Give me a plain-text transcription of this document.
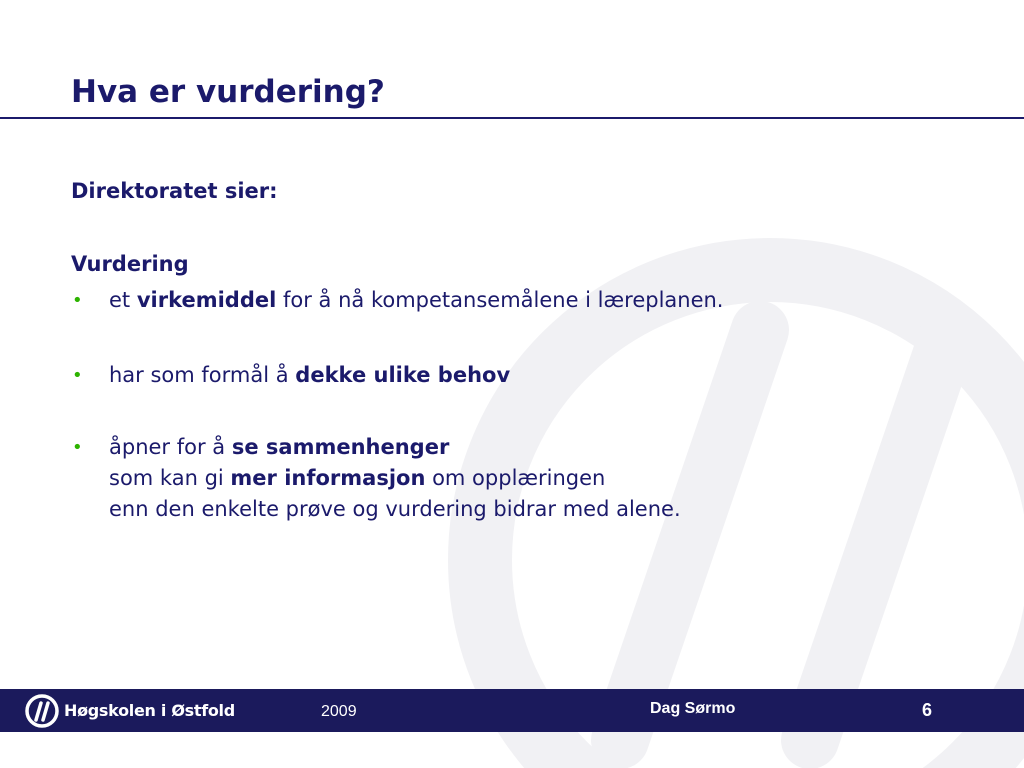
Hva er vurdering?
Direktoratet sier:
Vurdering
• et virkemiddel for å nå kompetansemålene i læreplanen.
• har som formål å dekke ulike behov
• åpner for å se sammenhenger
som kan gi mer informasjon om opplæringen
enn den enkelte prøve og vurdering bidrar med alene.
Høgskolen i Østfold	2009	Dag Sørmo	6
